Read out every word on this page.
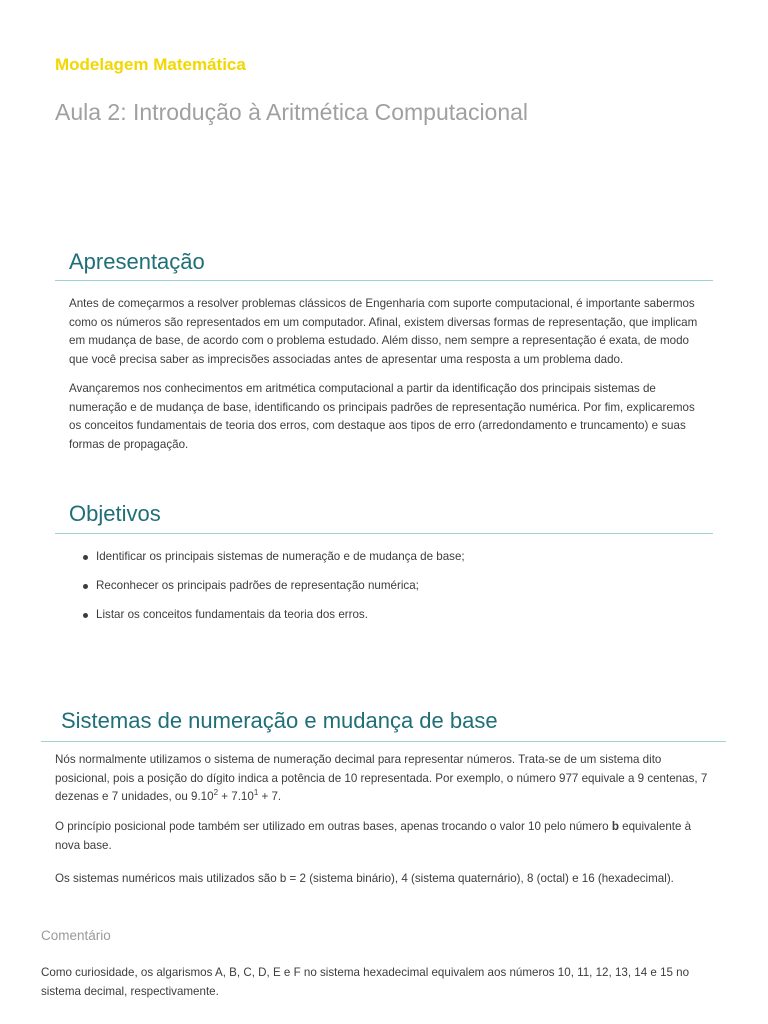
Modelagem Matemática
Aula 2: Introdução à Aritmética Computacional
Apresentação

Antes de começarmos a resolver problemas clássicos de Engenharia com suporte computacional, é importante sabermos como os números são representados em um computador. Afinal, existem diversas formas de representação, que implicam em mudança de base, de acordo com o problema estudado. Além disso, nem sempre a representação é exata, de modo que você precisa saber as imprecisões associadas antes de apresentar uma resposta a um problema dado.

Avançaremos nos conhecimentos em aritmética computacional a partir da identificação dos principais sistemas de numeração e de mudança de base, identificando os principais padrões de representação numérica. Por fim, explicaremos os conceitos fundamentais de teoria dos erros, com destaque aos tipos de erro (arredondamento e truncamento) e suas formas de propagação.

Objetivos
Identificar os principais sistemas de numeração e de mudança de base;
Reconhecer os principais padrões de representação numérica;
Listar os conceitos fundamentais da teoria dos erros.
Sistemas de numeração e mudança de base

Nós normalmente utilizamos o sistema de numeração decimal para representar números. Trata-se de um sistema dito posicional, pois a posição do dígito indica a potência de 10 representada. Por exemplo, o número 977 equivale a 9 centenas, 7 dezenas e 7 unidades, ou $9.10^2 + 7.10^1 + 7$.

O princípio posicional pode também ser utilizado em outras bases, apenas trocando o valor 10 pelo número b equivalente à nova base.

Os sistemas numéricos mais utilizados são b = 2 (sistema binário), 4 (sistema quaternário), 8 (octal) e 16 (hexadecimal).

Comentário

Como curiosidade, os algarismos A, B, C, D, E e F no sistema hexadecimal equivalem aos números 10, 11, 12, 13, 14 e 15 no sistema decimal, respectivamente.
